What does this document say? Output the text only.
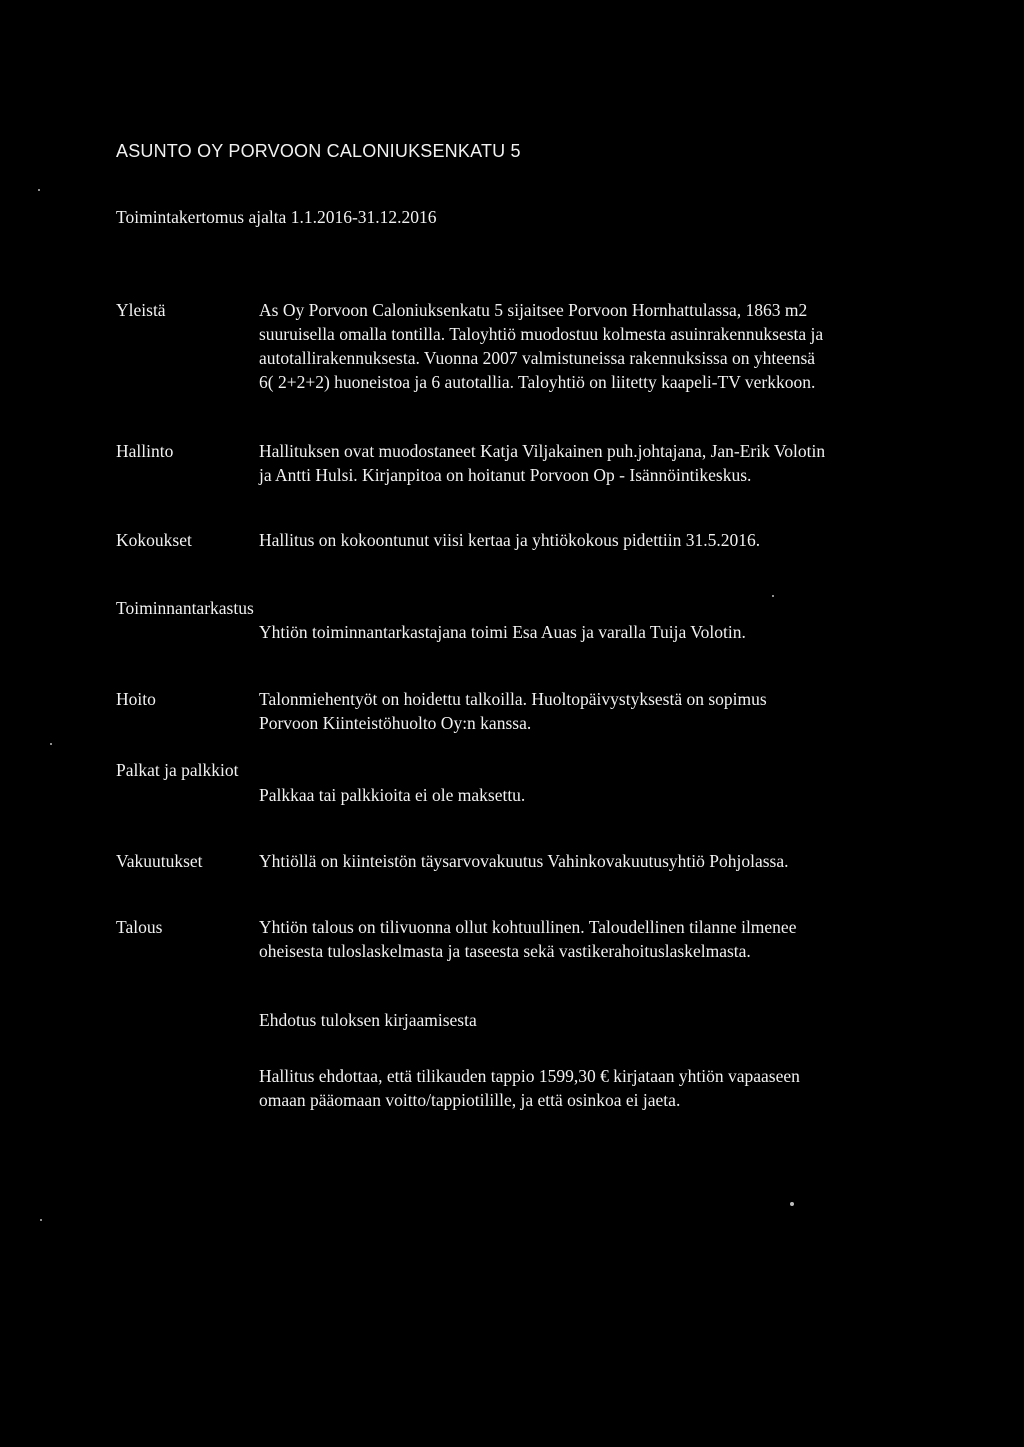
ASUNTO OY PORVOON CALONIUKSENKATU 5
Toimintakertomus ajalta 1.1.2016-31.12.2016
Yleistä	As Oy Porvoon Caloniuksenkatu 5 sijaitsee Porvoon Hornhattulassa, 1863 m2

suuruisella omalla tontilla. Taloyhtiö muodostuu kolmesta asuinrakennuksesta ja

autotallirakennuksesta. Vuonna 2007 valmistuneissa rakennuksissa on yhteensä

6( 2+2+2) huoneistoa ja 6 autotallia. Taloyhtiö on liitetty kaapeli-TV verkkoon.

Hallinto	Hallituksen ovat muodostaneet Katja Viljakainen puh.johtajana, Jan-Erik Volotin

ja Antti Hulsi. Kirjanpitoa on hoitanut Porvoon Op - Isännöintikeskus.

Kokoukset	Hallitus on kokoontunut viisi kertaa ja yhtiökokous pidettiin 31.5.2016.

Toiminnantarkastus

Yhtiön toiminnantarkastajana toimi Esa Auas ja varalla Tuija Volotin.

Hoito	Talonmiehentyöt on hoidettu talkoilla. Huoltopäivystyksestä on sopimus

Porvoon Kiinteistöhuolto Oy:n kanssa.

Palkat ja palkkiot

Palkkaa tai palkkioita ei ole maksettu.

Vakuutukset	Yhtiöllä on kiinteistön täysarvovakuutus Vahinkovakuutusyhtiö Pohjolassa.

Talous	Yhtiön talous on tilivuonna ollut kohtuullinen. Taloudellinen tilanne ilmenee

oheisesta tuloslaskelmasta ja taseesta sekä vastikerahoituslaskelmasta.

Ehdotus tuloksen kirjaamisesta

Hallitus ehdottaa, että tilikauden tappio 1599,30 € kirjataan yhtiön vapaaseen

omaan pääomaan voitto/tappiotilille, ja että osinkoa ei jaeta.
